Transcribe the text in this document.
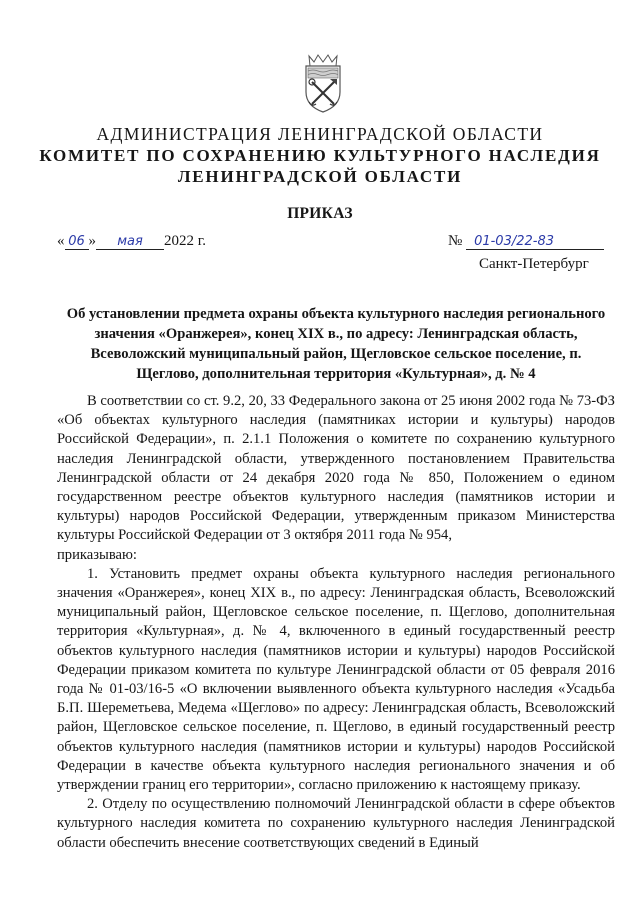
АДМИНИСТРАЦИЯ ЛЕНИНГРАДСКОЙ ОБЛАСТИ
КОМИТЕТ ПО СОХРАНЕНИЮ КУЛЬТУРНОГО НАСЛЕДИЯ
ЛЕНИНГРАДСКОЙ ОБЛАСТИ
ПРИКАЗ
« 06 » мая 2022 г.	№ 01-03/22-83
Санкт-Петербург
Об установлении предмета охраны объекта культурного наследия регионального значения «Оранжерея», конец XIX в., по адресу: Ленинградская область, Всеволожский муниципальный район, Щегловское сельское поселение, п. Щеглово, дополнительная территория «Культурная», д. № 4

В соответствии со ст. 9.2, 20, 33 Федерального закона от 25 июня 2002 года № 73-ФЗ «Об объектах культурного наследия (памятниках истории и культуры) народов Российской Федерации», п. 2.1.1 Положения о комитете по сохранению культурного наследия Ленинградской области, утвержденного постановлением Правительства Ленинградской области от 24 декабря 2020 года № 850, Положением о едином государственном реестре объектов культурного наследия (памятников истории и культуры) народов Российской Федерации, утвержденным приказом Министерства культуры Российской Федерации от 3 октября 2011 года № 954,

приказываю:

1. Установить предмет охраны объекта культурного наследия регионального значения «Оранжерея», конец XIX в., по адресу: Ленинградская область, Всеволожский муниципальный район, Щегловское сельское поселение, п. Щеглово, дополнительная территория «Культурная», д. № 4, включенного в единый государственный реестр объектов культурного наследия (памятников истории и культуры) народов Российской Федерации приказом комитета по культуре Ленинградской области от 05 февраля 2016 года № 01-03/16-5 «О включении выявленного объекта культурного наследия «Усадьба Б.П. Шереметьева, Медема «Щеглово» по адресу: Ленинградская область, Всеволожский район, Щегловское сельское поселение, п. Щеглово, в единый государственный реестр объектов культурного наследия (памятников истории и культуры) народов Российской Федерации в качестве объекта культурного наследия регионального значения и об утверждении границ его территории», согласно приложению к настоящему приказу.

2. Отделу по осуществлению полномочий Ленинградской области в сфере объектов культурного наследия комитета по сохранению культурного наследия Ленинградской области обеспечить внесение соответствующих сведений в Единый
